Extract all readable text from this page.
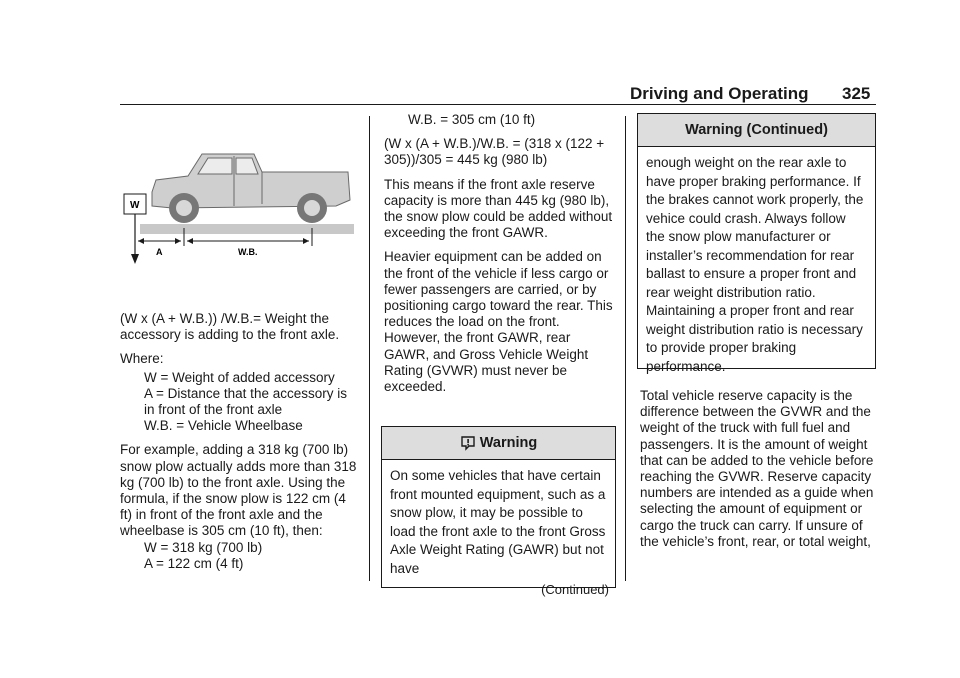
Driving and Operating 325
W
A	W.B.

(W x (A + W.B.)) /W.B.= Weight the accessory is adding to the front axle.

Where:

W = Weight of added accessory
A = Distance that the accessory is in front of the front axle
W.B. = Vehicle Wheelbase

For example, adding a 318 kg (700 lb) snow plow actually adds more than 318 kg (700 lb) to the front axle. Using the formula, if the snow plow is 122 cm (4 ft) in front of the front axle and the wheelbase is 305 cm (10 ft), then:

W = 318 kg (700 lb)
A = 122 cm (4 ft)

W.B. = 305 cm (10 ft)

(W x (A + W.B.)/W.B. = (318 x (122 + 305))/305 = 445 kg (980 lb)

This means if the front axle reserve capacity is more than 445 kg (980 lb), the snow plow could be added without exceeding the front GAWR.

Heavier equipment can be added on the front of the vehicle if less cargo or fewer passengers are carried, or by positioning cargo toward the rear. This reduces the load on the front. However, the front GAWR, rear GAWR, and Gross Vehicle Weight Rating (GVWR) must never be exceeded.

Warning
On some vehicles that have certain front mounted equipment, such as a snow plow, it may be possible to load the front axle to the front Gross Axle Weight Rating (GAWR) but not have
(Continued)
Warning (Continued)
enough weight on the rear axle to have proper braking performance. If the brakes cannot work properly, the vehice could crash. Always follow the snow plow manufacturer or installer’s recommendation for rear ballast to ensure a proper front and rear weight distribution ratio. Maintaining a proper front and rear weight distribution ratio is necessary to provide proper braking performance.

Total vehicle reserve capacity is the difference between the GVWR and the weight of the truck with full fuel and passengers. It is the amount of weight that can be added to the vehicle before reaching the GVWR. Reserve capacity numbers are intended as a guide when selecting the amount of equipment or cargo the truck can carry. If unsure of the vehicle’s front, rear, or total weight,
